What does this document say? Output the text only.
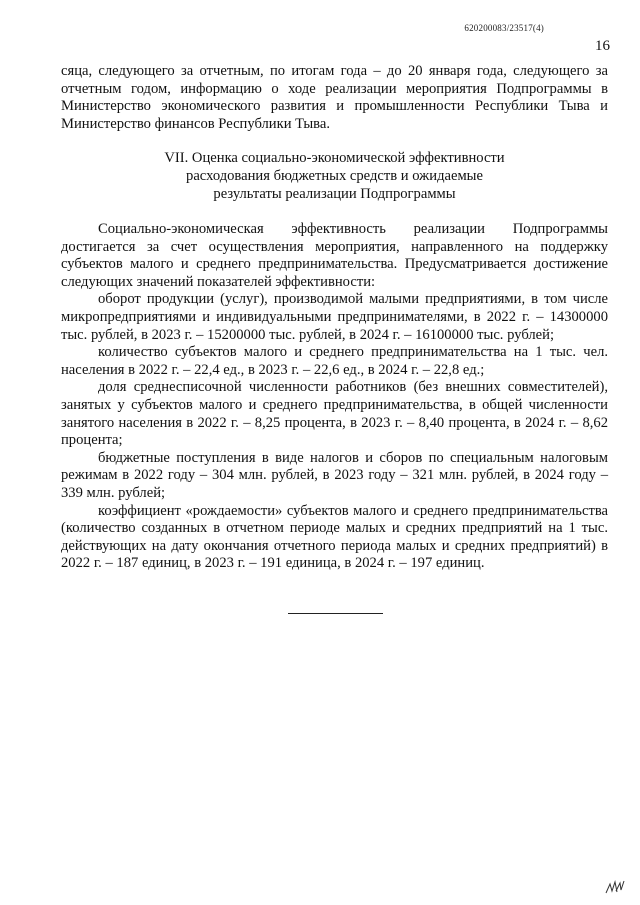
620200083/23517(4)
16

сяца, следующего за отчетным, по итогам года – до 20 января года, следующего за отчетным годом, информацию о ходе реализации мероприятия Подпрограммы в Министерство экономического развития и промышленности Республики Тыва и Министерство финансов Республики Тыва.

VII. Оценка социально-экономической эффективности
расходования бюджетных средств и ожидаемые
результаты реализации Подпрограммы

Социально-экономическая эффективность реализации Подпрограммы достигается за счет осуществления мероприятия, направленного на поддержку субъектов малого и среднего предпринимательства. Предусматривается достижение следующих значений показателей эффективности:

оборот продукции (услуг), производимой малыми предприятиями, в том числе микропредприятиями и индивидуальными предпринимателями, в 2022 г. – 14300000 тыс. рублей, в 2023 г. – 15200000 тыс. рублей, в 2024 г. – 16100000 тыс. рублей;

количество субъектов малого и среднего предпринимательства на 1 тыс. чел. населения в 2022 г. – 22,4 ед., в 2023 г. – 22,6 ед., в 2024 г. – 22,8 ед.;

доля среднесписочной численности работников (без внешних совместителей), занятых у субъектов малого и среднего предпринимательства, в общей численности занятого населения в 2022 г. – 8,25 процента, в 2023 г. – 8,40 процента, в 2024 г. – 8,62 процента;

бюджетные поступления в виде налогов и сборов по специальным налоговым режимам в 2022 году – 304 млн. рублей, в 2023 году – 321 млн. рублей, в 2024 году – 339 млн. рублей;

коэффициент «рождаемости» субъектов малого и среднего предпринимательства (количество созданных в отчетном периоде малых и средних предприятий на 1 тыс. действующих на дату окончания отчетного периода малых и средних предприятий) в 2022 г. – 187 единиц, в 2023 г. – 191 единица, в 2024 г. – 197 единиц.
